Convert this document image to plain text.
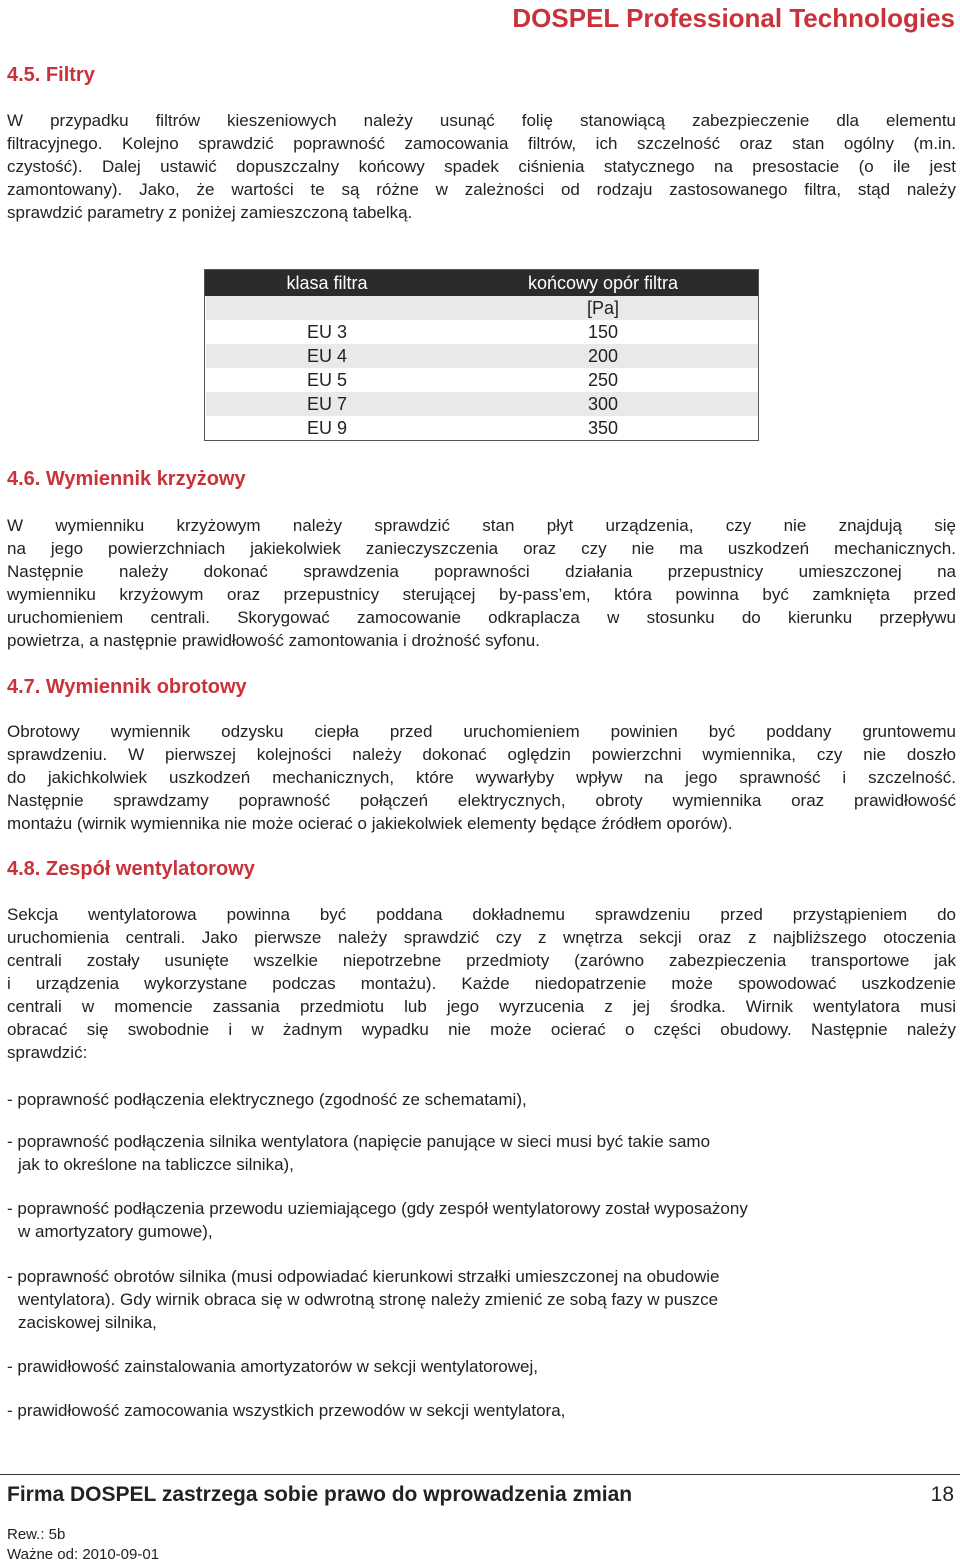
DOSPEL Professional Technologies
4.5. Filtry
W przypadku filtrów kieszeniowych należy usunąć folię stanowiącą zabezpieczenie dla elementu
filtracyjnego. Kolejno sprawdzić poprawność zamocowania filtrów, ich szczelność oraz stan ogólny (m.in.
czystość). Dalej ustawić dopuszczalny końcowy spadek ciśnienia statycznego na presostacie (o ile jest
zamontowany). Jako, że wartości te są różne w zależności od rodzaju zastosowanego filtra, stąd należy
sprawdzić parametry z poniżej zamieszczoną tabelką.
klasa filtra	końcowy opór filtra
	[Pa]
EU 3	150
EU 4	200
EU 5	250
EU 7	300
EU 9	350
4.6. Wymiennik krzyżowy
W wymienniku krzyżowym należy sprawdzić stan płyt urządzenia, czy nie znajdują się
na jego powierzchniach jakiekolwiek zanieczyszczenia oraz czy nie ma uszkodzeń mechanicznych.
Następnie należy dokonać sprawdzenia poprawności działania przepustnicy umieszczonej na
wymienniku krzyżowym oraz przepustnicy sterującej by-pass’em, która powinna być zamknięta przed
uruchomieniem centrali. Skorygować zamocowanie odkraplacza w stosunku do kierunku przepływu
powietrza, a następnie prawidłowość zamontowania i drożność syfonu.
4.7. Wymiennik obrotowy
Obrotowy wymiennik odzysku ciepła przed uruchomieniem powinien być poddany gruntowemu
sprawdzeniu. W pierwszej kolejności należy dokonać oględzin powierzchni wymiennika, czy nie doszło
do jakichkolwiek uszkodzeń mechanicznych, które wywarłyby wpływ na jego sprawność i szczelność.
Następnie sprawdzamy poprawność połączeń elektrycznych, obroty wymiennika oraz prawidłowość
montażu (wirnik wymiennika nie może ocierać o jakiekolwiek elementy będące źródłem oporów).
4.8. Zespół wentylatorowy
Sekcja wentylatorowa powinna być poddana dokładnemu sprawdzeniu przed przystąpieniem do
uruchomienia centrali. Jako pierwsze należy sprawdzić czy z wnętrza sekcji oraz z najbliższego otoczenia
centrali zostały usunięte wszelkie niepotrzebne przedmioty (zarówno zabezpieczenia transportowe jak
i urządzenia wykorzystane podczas montażu). Każde niedopatrzenie może spowodować uszkodzenie
centrali w momencie zassania przedmiotu lub jego wyrzucenia z jej środka. Wirnik wentylatora musi
obracać się swobodnie i w żadnym wypadku nie może ocierać o części obudowy. Następnie należy
sprawdzić:
- poprawność podłączenia elektrycznego (zgodność ze schematami),
- poprawność podłączenia silnika wentylatora (napięcie panujące w sieci musi być takie samo
jak to określone na tabliczce silnika),
- poprawność podłączenia przewodu uziemiającego (gdy zespół wentylatorowy został wyposażony
w amortyzatory gumowe),
- poprawność obrotów silnika (musi odpowiadać kierunkowi strzałki umieszczonej na obudowie
wentylatora). Gdy wirnik obraca się w odwrotną stronę należy zmienić ze sobą fazy w puszce
zaciskowej silnika,
- prawidłowość zainstalowania amortyzatorów w sekcji wentylatorowej,
- prawidłowość zamocowania wszystkich przewodów w sekcji wentylatora,
Firma DOSPEL zastrzega sobie prawo do wprowadzenia zmian	18
Rew.: 5b
Ważne od: 2010-09-01
